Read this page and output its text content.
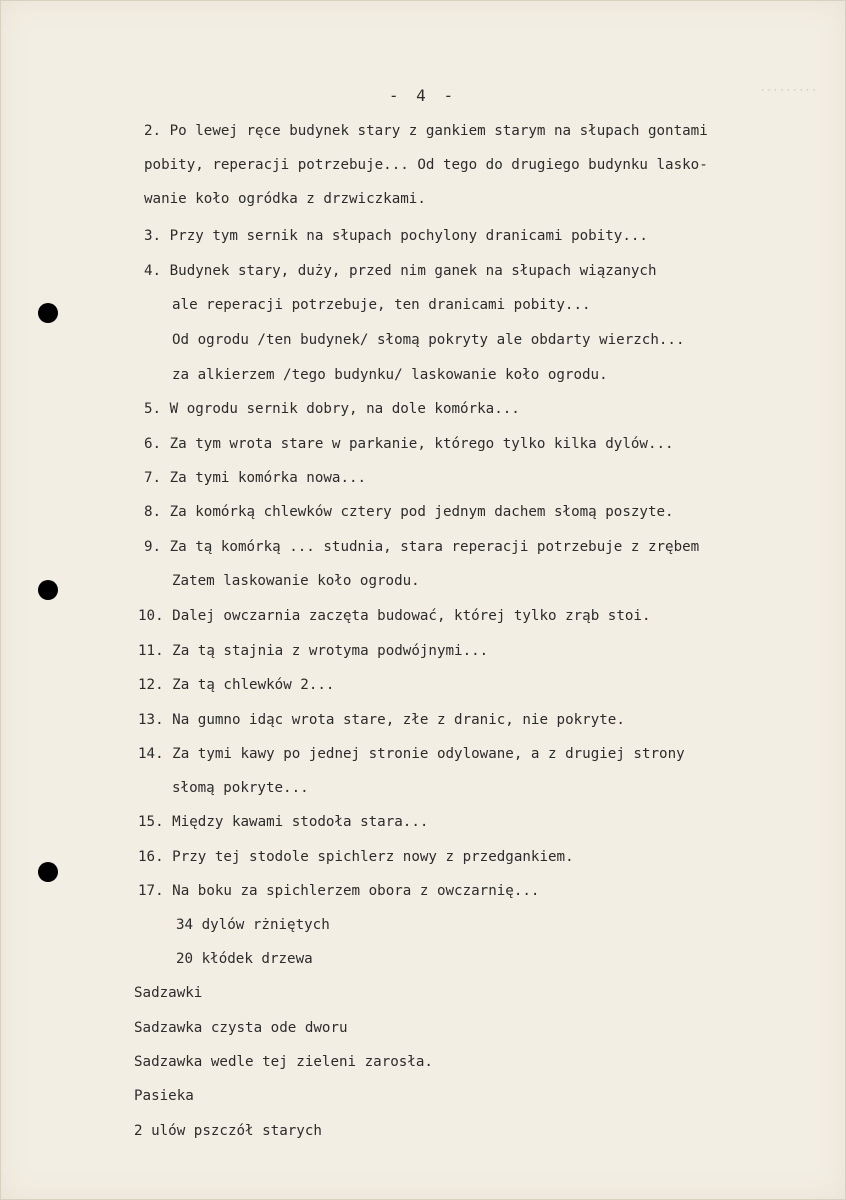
- 4 -	·········
2. Po lewej ręce budynek stary z gankiem starym na słupach gontami
pobity, reperacji potrzebuje... Od tego do drugiego budynku lasko-
wanie koło ogródka z drzwiczkami.
3. Przy tym sernik na słupach pochylony dranicami pobity...
4. Budynek stary, duży, przed nim ganek na słupach wiązanych
ale reperacji potrzebuje, ten dranicami pobity...
Od ogrodu /ten budynek/ słomą pokryty ale obdarty wierzch...
za alkierzem /tego budynku/ laskowanie koło ogrodu.
5. W ogrodu sernik dobry, na dole komórka...
6. Za tym wrota stare w parkanie, którego tylko kilka dylów...
7. Za tymi komórka nowa...
8. Za komórką chlewków cztery pod jednym dachem słomą poszyte.
9. Za tą komórką ... studnia, stara reperacji potrzebuje z zrębem
Zatem laskowanie koło ogrodu.
10. Dalej owczarnia zaczęta budować, której tylko zrąb stoi.
11. Za tą stajnia z wrotyma podwójnymi...
12. Za tą chlewków 2...
13. Na gumno idąc wrota stare, złe z dranic, nie pokryte.
14. Za tymi kawy po jednej stronie odylowane, a z drugiej strony
słomą pokryte...
15. Między kawami stodoła stara...
16. Przy tej stodole spichlerz nowy z przedgankiem.
17. Na boku za spichlerzem obora z owczarnię...
34 dylów rżniętych
20 kłódek drzewa
Sadzawki
Sadzawka czysta ode dworu
Sadzawka wedle tej zieleni zarosła.
Pasieka
2 ulów pszczół starych
